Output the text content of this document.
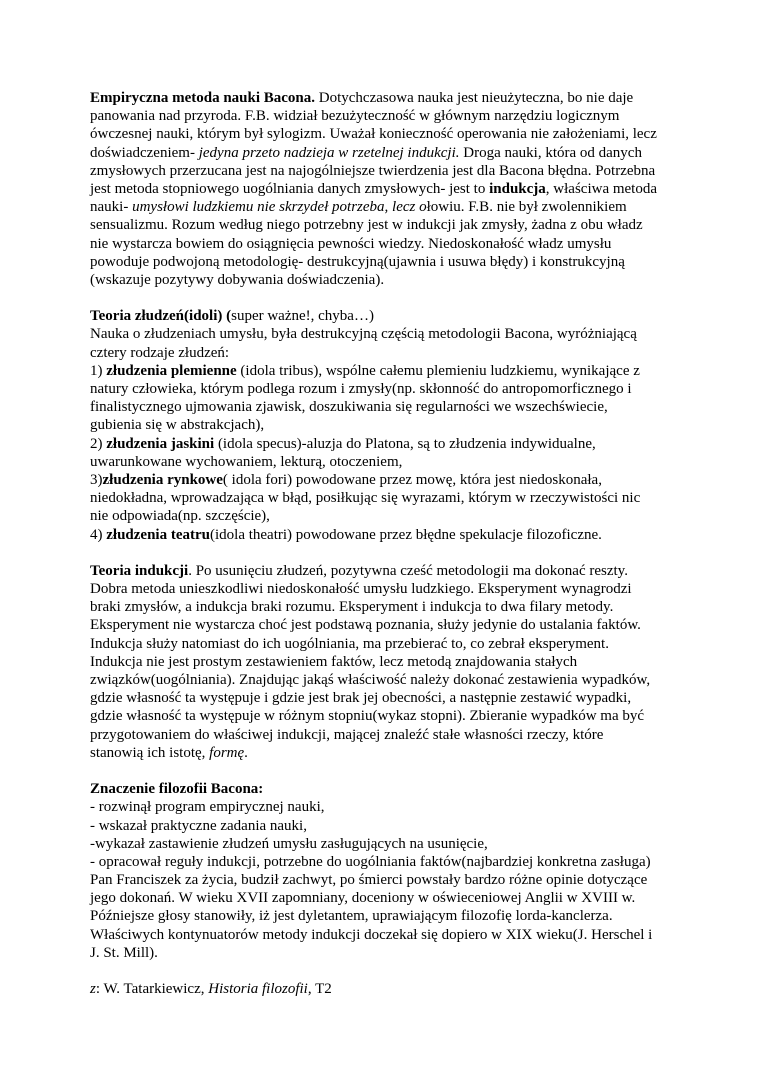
Empiryczna metoda nauki Bacona. Dotychczasowa nauka jest nieużyteczna, bo nie daje
panowania nad przyroda. F.B. widział bezużyteczność w głównym narzędziu logicznym
ówczesnej nauki, którym był sylogizm. Uważał konieczność operowania nie założeniami, lecz
doświadczeniem- jedyna przeto nadzieja w rzetelnej indukcji. Droga nauki, która od danych
zmysłowych przerzucana jest na najogólniejsze twierdzenia jest dla Bacona błędna. Potrzebna
jest metoda stopniowego uogólniania danych zmysłowych- jest to indukcja, właściwa metoda
nauki- umysłowi ludzkiemu nie skrzydeł potrzeba, lecz ołowiu. F.B. nie był zwolennikiem
sensualizmu. Rozum według niego potrzebny jest w indukcji jak zmysły, żadna z obu władz
nie wystarcza bowiem do osiągnięcia pewności wiedzy. Niedoskonałość władz umysłu
powoduje podwojoną metodologię- destrukcyjną(ujawnia i usuwa błędy) i konstrukcyjną
(wskazuje pozytywy dobywania doświadczenia).
Teoria złudzeń(idoli) (super ważne!, chyba…)
Nauka o złudzeniach umysłu, była destrukcyjną częścią metodologii Bacona, wyróżniającą
cztery rodzaje złudzeń:
1) złudzenia plemienne (idola tribus), wspólne całemu plemieniu ludzkiemu, wynikające z
natury człowieka, którym podlega rozum i zmysły(np. skłonność do antropomorficznego i
finalistycznego ujmowania zjawisk, doszukiwania się regularności we wszechświecie,
gubienia się w abstrakcjach),
2) złudzenia jaskini (idola specus)-aluzja do Platona, są to złudzenia indywidualne,
uwarunkowane wychowaniem, lekturą, otoczeniem,
3)złudzenia rynkowe( idola fori) powodowane przez mowę, która jest niedoskonała,
niedokładna, wprowadzająca w błąd, posiłkując się wyrazami, którym w rzeczywistości nic
nie odpowiada(np. szczęście),
4) złudzenia teatru(idola theatri) powodowane przez błędne spekulacje filozoficzne.
Teoria indukcji. Po usunięciu złudzeń, pozytywna cześć metodologii ma dokonać reszty.
Dobra metoda unieszkodliwi niedoskonałość umysłu ludzkiego. Eksperyment wynagrodzi
braki zmysłów, a indukcja braki rozumu. Eksperyment i indukcja to dwa filary metody.
Eksperyment nie wystarcza choć jest podstawą poznania, służy jedynie do ustalania faktów.
Indukcja służy natomiast do ich uogólniania, ma przebierać to, co zebrał eksperyment.
Indukcja nie jest prostym zestawieniem faktów, lecz metodą znajdowania stałych
związków(uogólniania). Znajdując jakąś właściwość należy dokonać zestawienia wypadków,
gdzie własność ta występuje i gdzie jest brak jej obecności, a następnie zestawić wypadki,
gdzie własność ta występuje w różnym stopniu(wykaz stopni). Zbieranie wypadków ma być
przygotowaniem do właściwej indukcji, mającej znaleźć stałe własności rzeczy, które
stanowią ich istotę, formę.
Znaczenie filozofii Bacona:
- rozwinął program empirycznej nauki,
- wskazał praktyczne zadania nauki,
-wykazał zastawienie złudzeń umysłu zasługujących na usunięcie,
- opracował reguły indukcji, potrzebne do uogólniania faktów(najbardziej konkretna zasługa)
Pan Franciszek za życia, budził zachwyt, po śmierci powstały bardzo różne opinie dotyczące
jego dokonań. W wieku XVII zapomniany, doceniony w oświeceniowej Anglii w XVIII w.
Późniejsze głosy stanowiły, iż jest dyletantem, uprawiającym filozofię lorda-kanclerza.
Właściwych kontynuatorów metody indukcji doczekał się dopiero w XIX wieku(J. Herschel i
J. St. Mill).
z: W. Tatarkiewicz, Historia filozofii, T2
